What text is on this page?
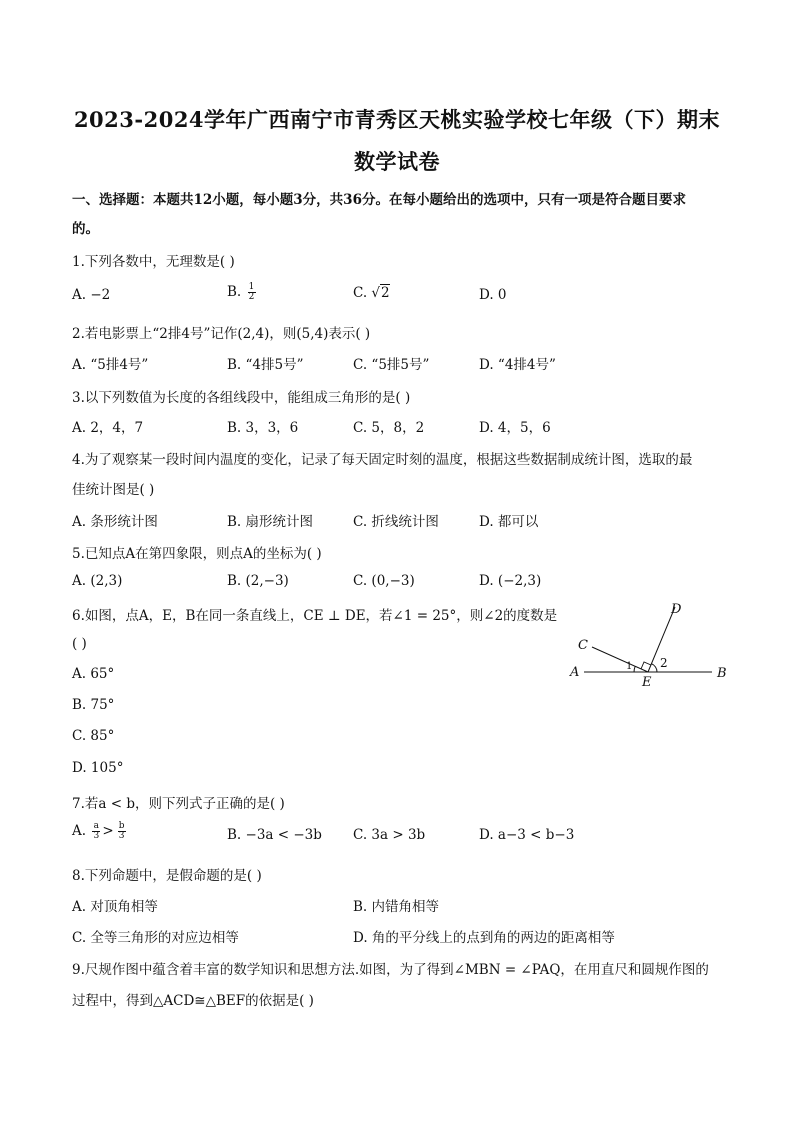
2023-2024学年广西南宁市青秀区天桃实验学校七年级（下）期末
数学试卷
一、选择题：本题共12小题，每小题3分，共36分。在每小题给出的选项中，只有一项是符合题目要求
的。
1.下列各数中，无理数是( )
A. −2	B. $\frac{1}{2}$	C. √2	D. 0
2.若电影票上“2排4号”记作(2,4)，则(5,4)表示( )
A. “5排4号”	B. “4排5号”	C. “5排5号”	D. “4排4号”
3.以下列数值为长度的各组线段中，能组成三角形的是( )
A. 2，4，7	B. 3，3，6	C. 5，8，2	D. 4，5，6
4.为了观察某一段时间内温度的变化，记录了每天固定时刻的温度，根据这些数据制成统计图，选取的最
佳统计图是( )
A. 条形统计图	B. 扇形统计图	C. 折线统计图	D. 都可以
5.已知点A在第四象限，则点A的坐标为( )
A. (2,3)	B. (2,−3)	C. (0,−3)	D. (−2,3)
6.如图，点A，E，B在同一条直线上，CE ⊥ DE，若∠1 = 25°，则∠2的度数是
( )
A. 65°
B. 75°
C. 85°
D. 105°
A	B
C
D
E
1 2
7.若a < b，则下列式子正确的是( )
A. $\frac{a}{3} > \frac{b}{3}$	B. −3a < −3b C. 3a > 3b	D. a−3 < b−3
8.下列命题中，是假命题的是( )
A. 对顶角相等	B. 内错角相等
C. 全等三角形的对应边相等	D. 角的平分线上的点到角的两边的距离相等
9.尺规作图中蕴含着丰富的数学知识和思想方法.如图，为了得到∠MBN = ∠PAQ，在用直尺和圆规作图的
过程中，得到△ACD≅△BEF的依据是( )
